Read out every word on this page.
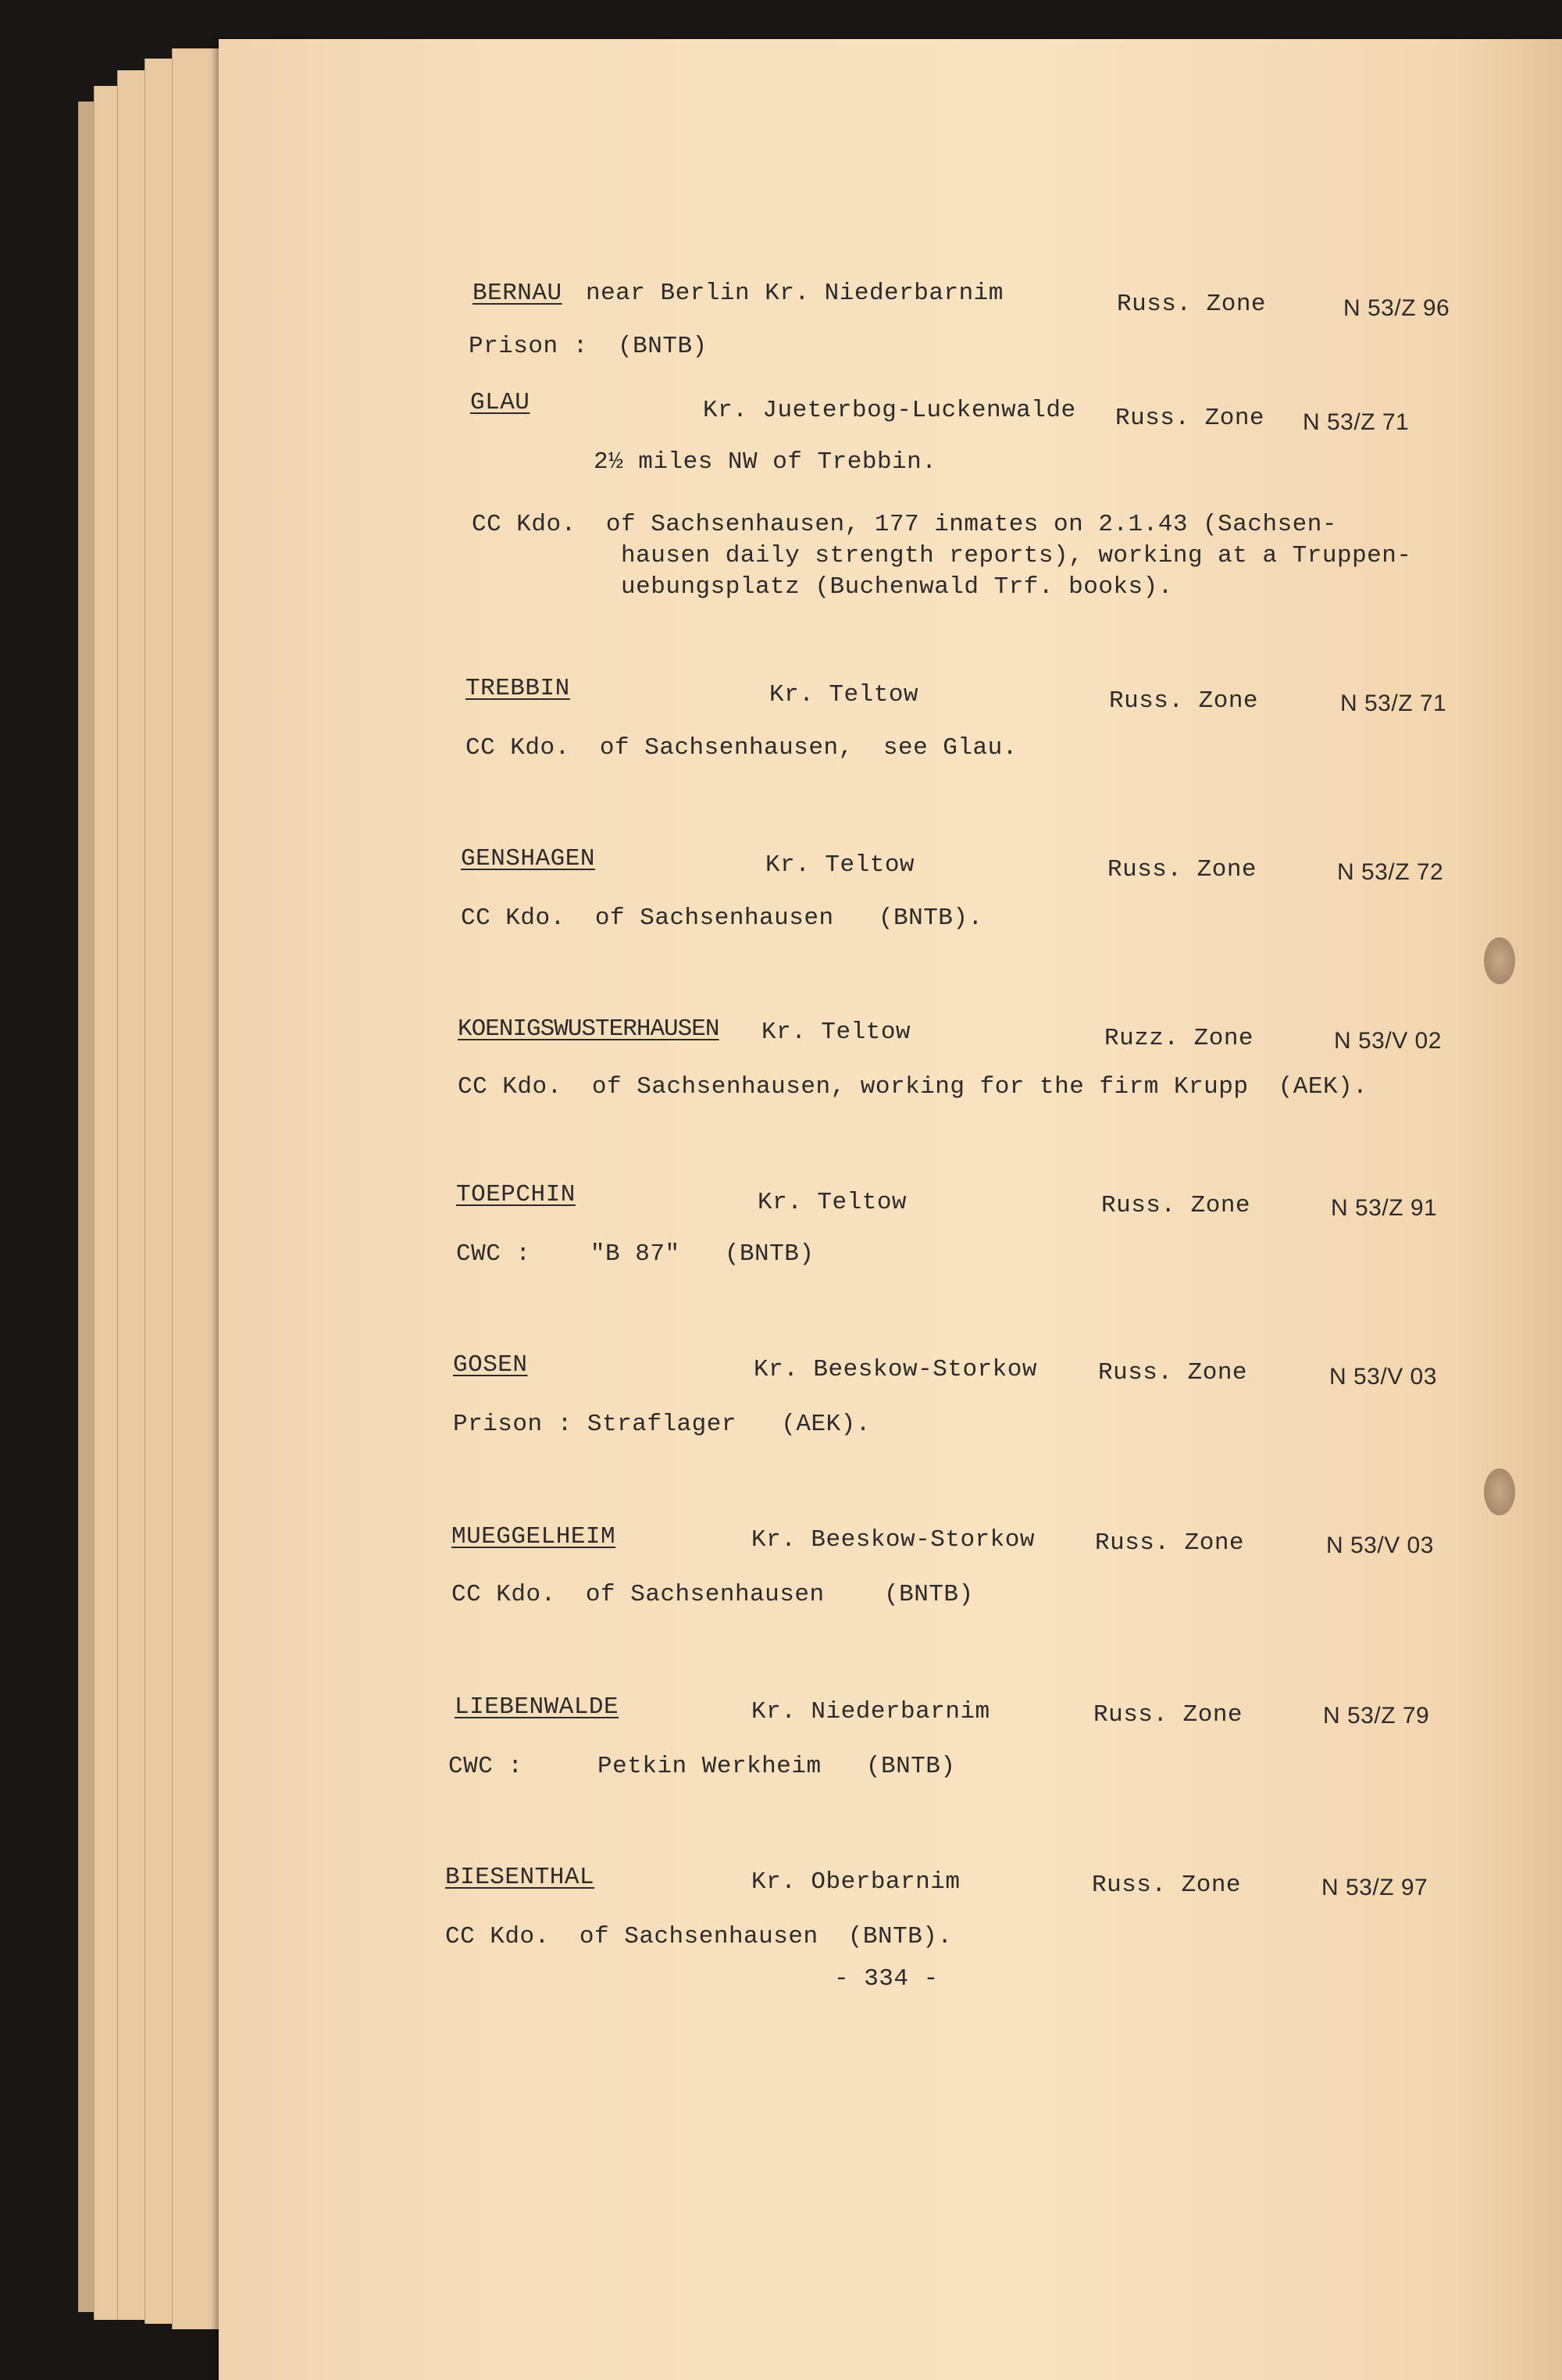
BERNAU near Berlin Kr. Niederbarnim	Russ. Zone	N 53/Z 96
Prison :  (BNTB)
GLAU	Kr. Jueterbog-Luckenwalde Russ. Zone N 53/Z 71
2½ miles NW of Trebbin.
CC Kdo.  of Sachsenhausen, 177 inmates on 2.1.43 (Sachsen-
hausen daily strength reports), working at a Truppen-
uebungsplatz (Buchenwald Trf. books).
TREBBIN	Kr. Teltow	Russ. Zone	N 53/Z 71
CC Kdo.  of Sachsenhausen,  see Glau.
GENSHAGEN	Kr. Teltow	Russ. Zone	N 53/Z 72
CC Kdo.  of Sachsenhausen   (BNTB).
KOENIGSWUSTERHAUSEN Kr. Teltow	Ruzz. Zone	N 53/V 02
CC Kdo.  of Sachsenhausen, working for the firm Krupp  (AEK).
TOEPCHIN	Kr. Teltow	Russ. Zone	N 53/Z 91
CWC :    "B 87"   (BNTB)
GOSEN	Kr. Beeskow-Storkow	Russ. Zone	N 53/V 03
Prison : Straflager   (AEK).
MUEGGELHEIM	Kr. Beeskow-Storkow Russ. Zone	N 53/V 03
CC Kdo.  of Sachsenhausen    (BNTB)
LIEBENWALDE	Kr. Niederbarnim	Russ. Zone	N 53/Z 79
CWC :     Petkin Werkheim   (BNTB)
BIESENTHAL	Kr. Oberbarnim	Russ. Zone	N 53/Z 97
CC Kdo.  of Sachsenhausen  (BNTB).
- 334 -
